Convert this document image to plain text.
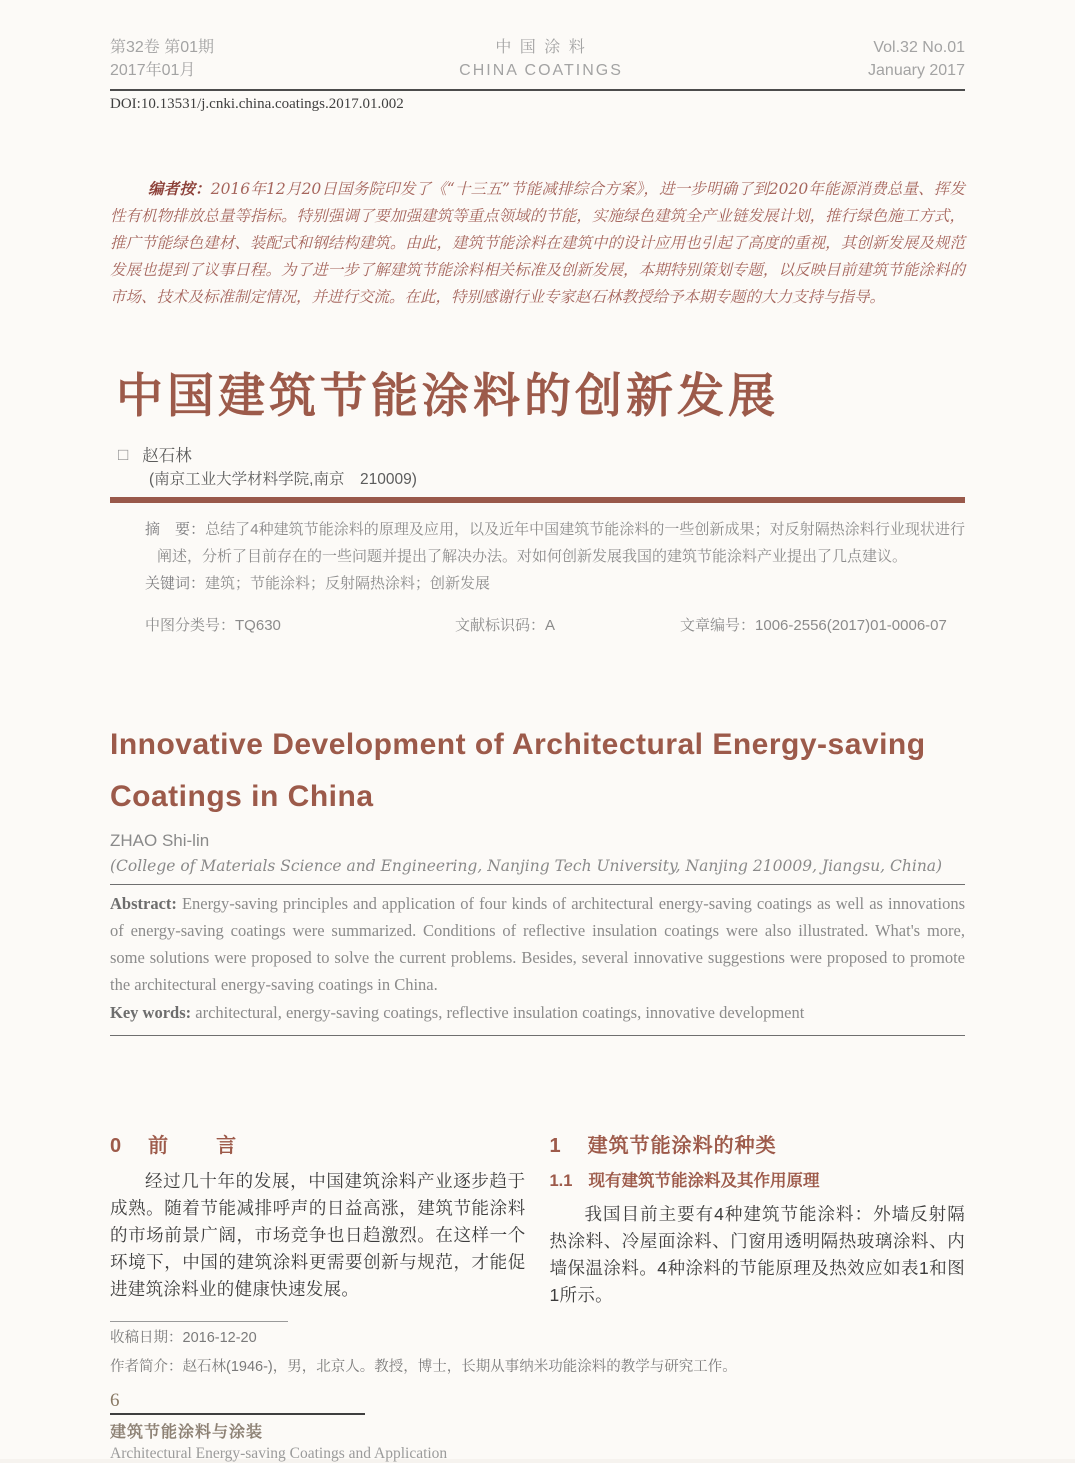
第32卷 第01期
2017年01月
中 国 涂 料
CHINA COATINGS
Vol.32 No.01
January 2017
DOI:10.13531/j.cnki.china.coatings.2017.01.002

编者按：2016年12月20日国务院印发了《“十三五”节能减排综合方案》，进一步明确了到2020年能源消费总量、挥发性有机物排放总量等指标。特别强调了要加强建筑等重点领域的节能，实施绿色建筑全产业链发展计划，推行绿色施工方式，推广节能绿色建材、装配式和钢结构建筑。由此，建筑节能涂料在建筑中的设计应用也引起了高度的重视，其创新发展及规范发展也提到了议事日程。为了进一步了解建筑节能涂料相关标准及创新发展，本期特别策划专题，以反映目前建筑节能涂料的市场、技术及标准制定情况，并进行交流。在此，特别感谢行业专家赵石林教授给予本期专题的大力支持与指导。

中国建筑节能涂料的创新发展
□ 赵石林
(南京工业大学材料学院,南京　210009)

摘　要：总结了4种建筑节能涂料的原理及应用，以及近年中国建筑节能涂料的一些创新成果；对反射隔热涂料行业现状进行阐述，分析了目前存在的一些问题并提出了解决办法。对如何创新发展我国的建筑节能涂料产业提出了几点建议。

关键词：建筑；节能涂料；反射隔热涂料；创新发展

中图分类号：TQ630	文献标识码：A	文章编号：1006-2556(2017)01-0006-07
Innovative Development of Architectural Energy-saving
Coatings in China
ZHAO Shi-lin
(College of Materials Science and Engineering, Nanjing Tech University, Nanjing 210009, Jiangsu, China)

Abstract: Energy-saving principles and application of four kinds of architectural energy-saving coatings as well as innovations of energy-saving coatings were summarized. Conditions of reflective insulation coatings were also illustrated. What's more, some solutions were proposed to solve the current problems. Besides, several innovative suggestions were proposed to promote the architectural energy-saving coatings in China.

Key words: architectural, energy-saving coatings, reflective insulation coatings, innovative development

0 前　言

经过几十年的发展，中国建筑涂料产业逐步趋于成熟。随着节能减排呼声的日益高涨，建筑节能涂料的市场前景广阔，市场竞争也日趋激烈。在这样一个环境下，中国的建筑涂料更需要创新与规范，才能促进建筑涂料业的健康快速发展。

1 建筑节能涂料的种类
1.1 现有建筑节能涂料及其作用原理

我国目前主要有4种建筑节能涂料：外墙反射隔热涂料、冷屋面涂料、门窗用透明隔热玻璃涂料、内墙保温涂料。4种涂料的节能原理及热效应如表1和图1所示。

收稿日期：2016-12-20
作者简介：赵石林(1946-)，男，北京人。教授，博士，长期从事纳米功能涂料的教学与研究工作。
6
建筑节能涂料与涂装
Architectural Energy-saving Coatings and Application
